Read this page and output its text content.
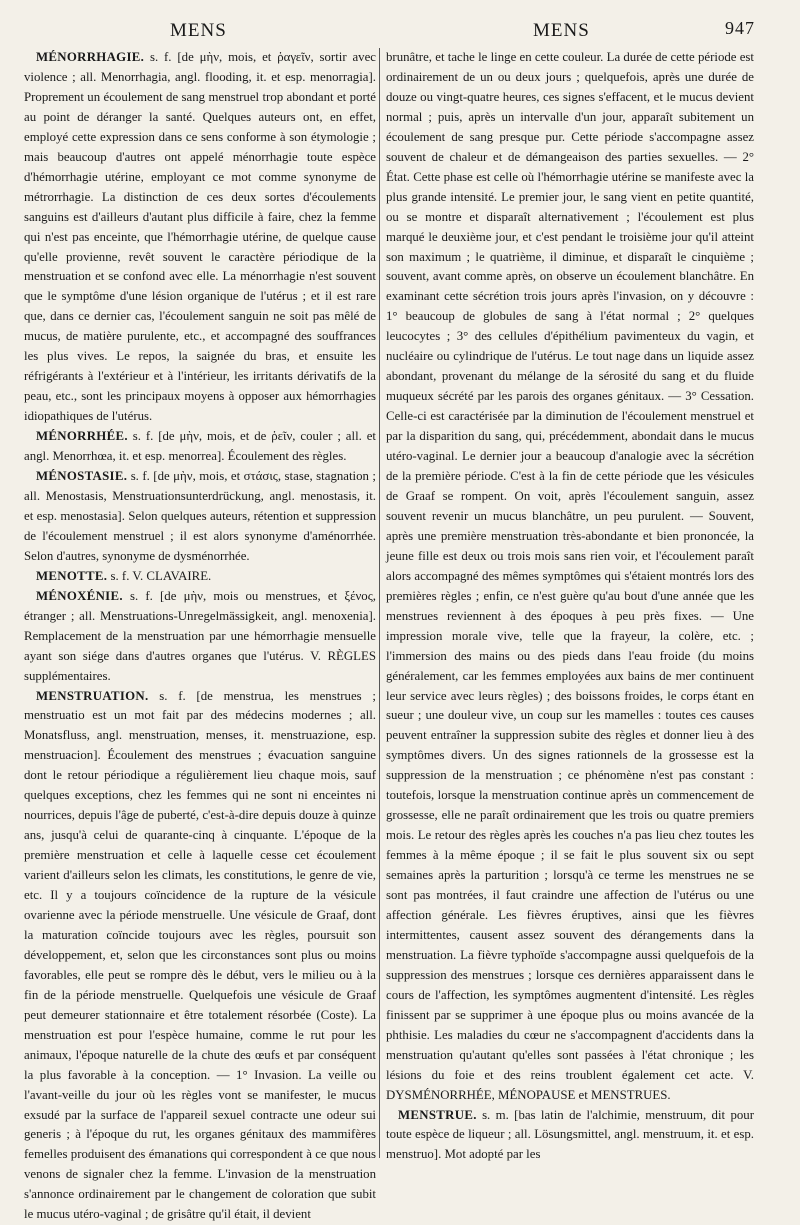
MENS	MENS	947

MÉNORRHAGIE. s. f. [de μὴν, mois, et ῥαγεῖν, sortir avec violence ; all. Menorrhagia, angl. flooding, it. et esp. menorragia]. Proprement un écoulement de sang menstruel trop abondant et porté au point de déranger la santé. Quelques auteurs ont, en effet, employé cette expression dans ce sens conforme à son étymologie ; mais beaucoup d'autres ont appelé ménorrhagie toute espèce d'hémorrhagie utérine, employant ce mot comme synonyme de métrorrhagie. La distinction de ces deux sortes d'écoulements sanguins est d'ailleurs d'autant plus difficile à faire, chez la femme qui n'est pas enceinte, que l'hémorrhagie utérine, de quelque cause qu'elle provienne, revêt souvent le caractère périodique de la menstruation et se confond avec elle. La ménorrhagie n'est souvent que le symptôme d'une lésion organique de l'utérus ; et il est rare que, dans ce dernier cas, l'écoulement sanguin ne soit pas mêlé de mucus, de matière purulente, etc., et accompagné des souffrances les plus vives. Le repos, la saignée du bras, et ensuite les réfrigérants à l'extérieur et à l'intérieur, les irritants dérivatifs de la peau, etc., sont les principaux moyens à opposer aux hémorrhagies idiopathiques de l'utérus.

MÉNORRHÉE. s. f. [de μὴν, mois, et de ῥεῖν, couler ; all. et angl. Menorrhœa, it. et esp. menorrea]. Écoulement des règles.

MÉNOSTASIE. s. f. [de μὴν, mois, et στάσις, stase, stagnation ; all. Menostasis, Menstruationsunterdrückung, angl. menostasis, it. et esp. menostasia]. Selon quelques auteurs, rétention et suppression de l'écoulement menstruel ; il est alors synonyme d'aménorrhée. Selon d'autres, synonyme de dysménorrhée.

MENOTTE. s. f. V. CLAVAIRE.

MÉNOXÉNIE. s. f. [de μὴν, mois ou menstrues, et ξένος, étranger ; all. Menstruations-Unregelmässigkeit, angl. menoxenia]. Remplacement de la menstruation par une hémorrhagie mensuelle ayant son siége dans d'autres organes que l'utérus. V. RÈGLES supplémentaires.

MENSTRUATION. s. f. [de menstrua, les menstrues ; menstruatio est un mot fait par des médecins modernes ; all. Monatsfluss, angl. menstruation, menses, it. menstruazione, esp. menstruacion]. Écoulement des menstrues ; évacuation sanguine dont le retour périodique a régulièrement lieu chaque mois, sauf quelques exceptions, chez les femmes qui ne sont ni enceintes ni nourrices, depuis l'âge de puberté, c'est-à-dire depuis douze à quinze ans, jusqu'à celui de quarante-cinq à cinquante. L'époque de la première menstruation et celle à laquelle cesse cet écoulement varient d'ailleurs selon les climats, les constitutions, le genre de vie, etc. Il y a toujours coïncidence de la rupture de la vésicule ovarienne avec la période menstruelle. Une vésicule de Graaf, dont la maturation coïncide toujours avec les règles, poursuit son développement, et, selon que les circonstances sont plus ou moins favorables, elle peut se rompre dès le début, vers le milieu ou à la fin de la période menstruelle. Quelquefois une vésicule de Graaf peut demeurer stationnaire et être totalement résorbée (Coste). La menstruation est pour l'espèce humaine, comme le rut pour les animaux, l'époque naturelle de la chute des œufs et par conséquent la plus favorable à la conception. — 1° Invasion. La veille ou l'avant-veille du jour où les règles vont se manifester, le mucus exsudé par la surface de l'appareil sexuel contracte une odeur sui generis ; à l'époque du rut, les organes génitaux des mammifères femelles produisent des émanations qui correspondent à ce que nous venons de signaler chez la femme. L'invasion de la menstruation s'annonce ordinairement par le changement de coloration que subit le mucus utéro-vaginal ; de grisâtre qu'il était, il devient

brunâtre, et tache le linge en cette couleur. La durée de cette période est ordinairement de un ou deux jours ; quelquefois, après une durée de douze ou vingt-quatre heures, ces signes s'effacent, et le mucus devient normal ; puis, après un intervalle d'un jour, apparaît subitement un écoulement de sang presque pur. Cette période s'accompagne assez souvent de chaleur et de démangeaison des parties sexuelles. — 2° État. Cette phase est celle où l'hémorrhagie utérine se manifeste avec la plus grande intensité. Le premier jour, le sang vient en petite quantité, ou se montre et disparaît alternativement ; l'écoulement est plus marqué le deuxième jour, et c'est pendant le troisième jour qu'il atteint son maximum ; le quatrième, il diminue, et disparaît le cinquième ; souvent, avant comme après, on observe un écoulement blanchâtre. En examinant cette sécrétion trois jours après l'invasion, on y découvre : 1° beaucoup de globules de sang à l'état normal ; 2° quelques leucocytes ; 3° des cellules d'épithélium pavimenteux du vagin, et nucléaire ou cylindrique de l'utérus. Le tout nage dans un liquide assez abondant, provenant du mélange de la sérosité du sang et du fluide muqueux sécrété par les parois des organes génitaux. — 3° Cessation. Celle-ci est caractérisée par la diminution de l'écoulement menstruel et par la disparition du sang, qui, précédemment, abondait dans le mucus utéro-vaginal. Le dernier jour a beaucoup d'analogie avec la sécrétion de la première période. C'est à la fin de cette période que les vésicules de Graaf se rompent. On voit, après l'écoulement sanguin, assez souvent revenir un mucus blanchâtre, un peu purulent. — Souvent, après une première menstruation très-abondante et bien prononcée, la jeune fille est deux ou trois mois sans rien voir, et l'écoulement paraît alors accompagné des mêmes symptômes qui s'étaient montrés lors des premières règles ; enfin, ce n'est guère qu'au bout d'une année que les menstrues reviennent à des époques à peu près fixes. — Une impression morale vive, telle que la frayeur, la colère, etc. ; l'immersion des mains ou des pieds dans l'eau froide (du moins généralement, car les femmes employées aux bains de mer continuent leur service avec leurs règles) ; des boissons froides, le corps étant en sueur ; une douleur vive, un coup sur les mamelles : toutes ces causes peuvent entraîner la suppression subite des règles et donner lieu à des symptômes divers. Un des signes rationnels de la grossesse est la suppression de la menstruation ; ce phénomène n'est pas constant : toutefois, lorsque la menstruation continue après un commencement de grossesse, elle ne paraît ordinairement que les trois ou quatre premiers mois. Le retour des règles après les couches n'a pas lieu chez toutes les femmes à la même époque ; il se fait le plus souvent six ou sept semaines après la parturition ; lorsqu'à ce terme les menstrues ne se sont pas montrées, il faut craindre une affection de l'utérus ou une affection générale. Les fièvres éruptives, ainsi que les fièvres intermittentes, causent assez souvent des dérangements dans la menstruation. La fièvre typhoïde s'accompagne aussi quelquefois de la suppression des menstrues ; lorsque ces dernières apparaissent dans le cours de l'affection, les symptômes augmentent d'intensité. Les règles finissent par se supprimer à une époque plus ou moins avancée de la phthisie. Les maladies du cœur ne s'accompagnent d'accidents dans la menstruation qu'autant qu'elles sont passées à l'état chronique ; les lésions du foie et des reins troublent également cet acte. V. DYSMÉNORRHÉE, MÉNOPAUSE et MENSTRUES.

MENSTRUE. s. m. [bas latin de l'alchimie, menstruum, dit pour toute espèce de liqueur ; all. Lösungsmittel, angl. menstruum, it. et esp. menstruo]. Mot adopté par les
